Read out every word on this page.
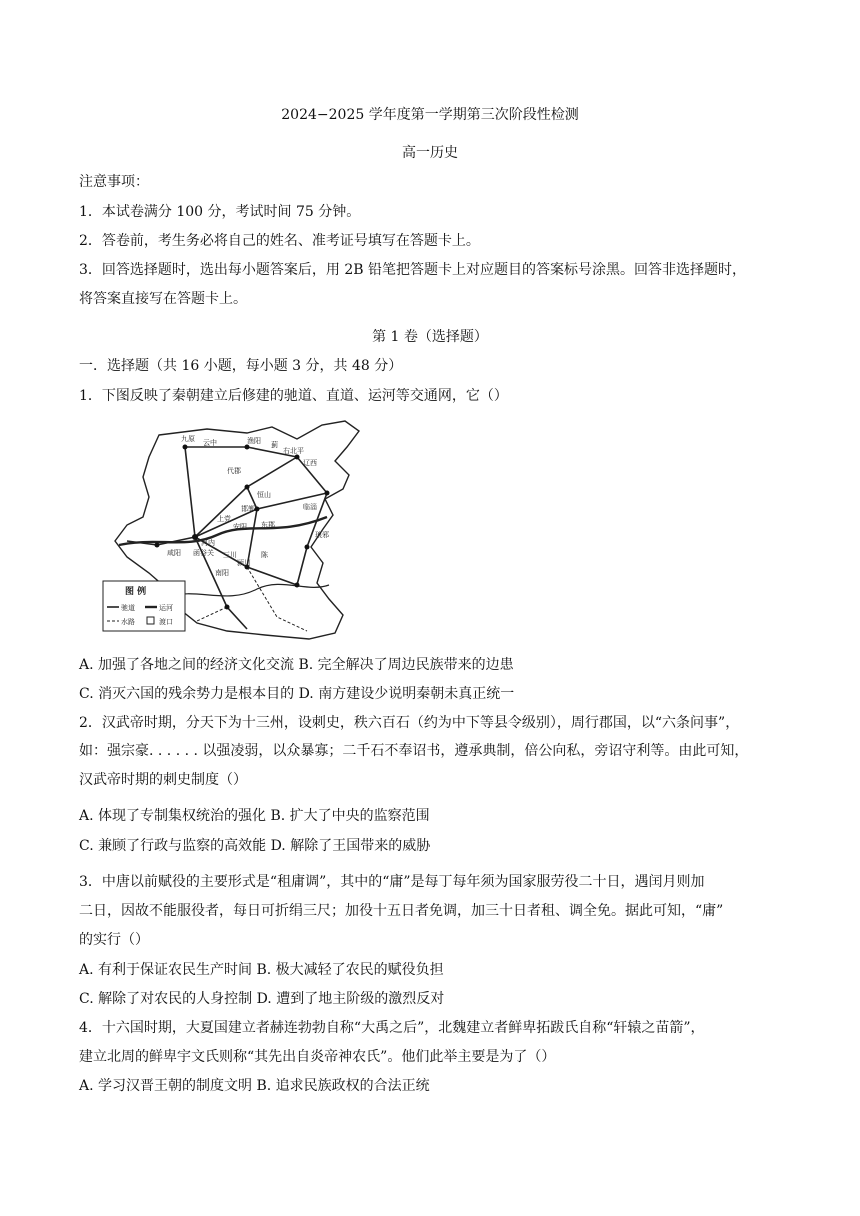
2024−2025 学年度第一学期第三次阶段性检测
高一历史
注意事项：
1．本试卷满分 100 分，考试时间 75 分钟。
2．答卷前，考生务必将自己的姓名、准考证号填写在答题卡上。
3．回答选择题时，选出每小题答案后，用 2B 铅笔把答题卡上对应题目的答案标号涂黑。回答非选择题时，
将答案直接写在答题卡上。
第 1 卷（选择题）
一．选择题（共 16 小题，每小题 3 分，共 48 分）
1．下图反映了秦朝建立后修建的驰道、直道、运河等交通网，它（）
九原 云中	渔阳
右北平
辽西
蓟
代郡
恒山
邯郸
上党
安阳 东郡
河内
咸阳 函谷关 三川
颍川
陈
南阳
琅邪
临淄
图 例
驰道	运河
水路	渡口
A. 加强了各地之间的经济文化交流 B. 完全解决了周边民族带来的边患
C. 消灭六国的残余势力是根本目的 D. 南方建设少说明秦朝未真正统一
2．汉武帝时期，分天下为十三州，设刺史，秩六百石（约为中下等县令级别），周行郡国，以“六条问事”，
如：强宗豪. . . . . . 以强凌弱，以众暴寡；二千石不奉诏书，遵承典制，倍公向私，旁诏守利等。由此可知，
汉武帝时期的刺史制度（）
A. 体现了专制集权统治的强化 B. 扩大了中央的监察范围
C. 兼顾了行政与监察的高效能 D. 解除了王国带来的威胁
3．中唐以前赋役的主要形式是“租庸调”，其中的“庸”是每丁每年须为国家服劳役二十日，遇闰月则加
二日，因故不能服役者，每日可折绢三尺；加役十五日者免调，加三十日者租、调全免。据此可知，“庸”
的实行（）
A. 有利于保证农民生产时间 B. 极大减轻了农民的赋役负担
C. 解除了对农民的人身控制 D. 遭到了地主阶级的激烈反对
4．十六国时期，大夏国建立者赫连勃勃自称“大禹之后”，北魏建立者鲜卑拓跋氏自称“轩辕之苗箭”，
建立北周的鲜卑宇文氏则称“其先出自炎帝神农氏”。他们此举主要是为了（）
A. 学习汉晋王朝的制度文明 B. 追求民族政权的合法正统
